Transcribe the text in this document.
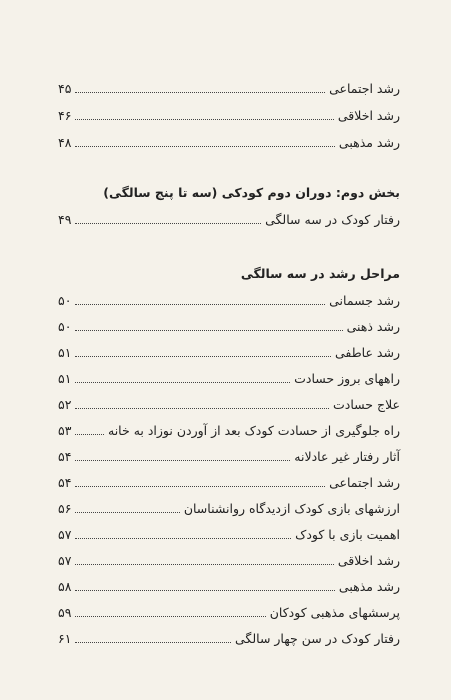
رشد اجتماعی
۴۵
رشد اخلاقی
۴۶
رشد مذهبی
۴۸
بخش دوم: دوران دوم کودکی (سه تا پنج سالگی)
رفتار کودک در سه سالگی
۴۹
مراحل رشد در سه سالگی
رشد جسمانی
۵۰
رشد ذهنی
۵۰
رشد عاطفی
۵۱
راههای بروز حسادت
۵۱
علاج حسادت
۵۲
راه جلوگیری از حسادت کودک بعد از آوردن نوزاد به خانه
۵۳
آثار رفتار غیر عادلانه
۵۴
رشد اجتماعی
۵۴
ارزشهای بازی کودک ازدیدگاه روانشناسان
۵۶
اهمیت بازی با کودک
۵۷
رشد اخلاقی
۵۷
رشد مذهبی
۵۸
پرسشهای مذهبی کودکان
۵۹
رفتار کودک در سن چهار سالگی
۶۱
